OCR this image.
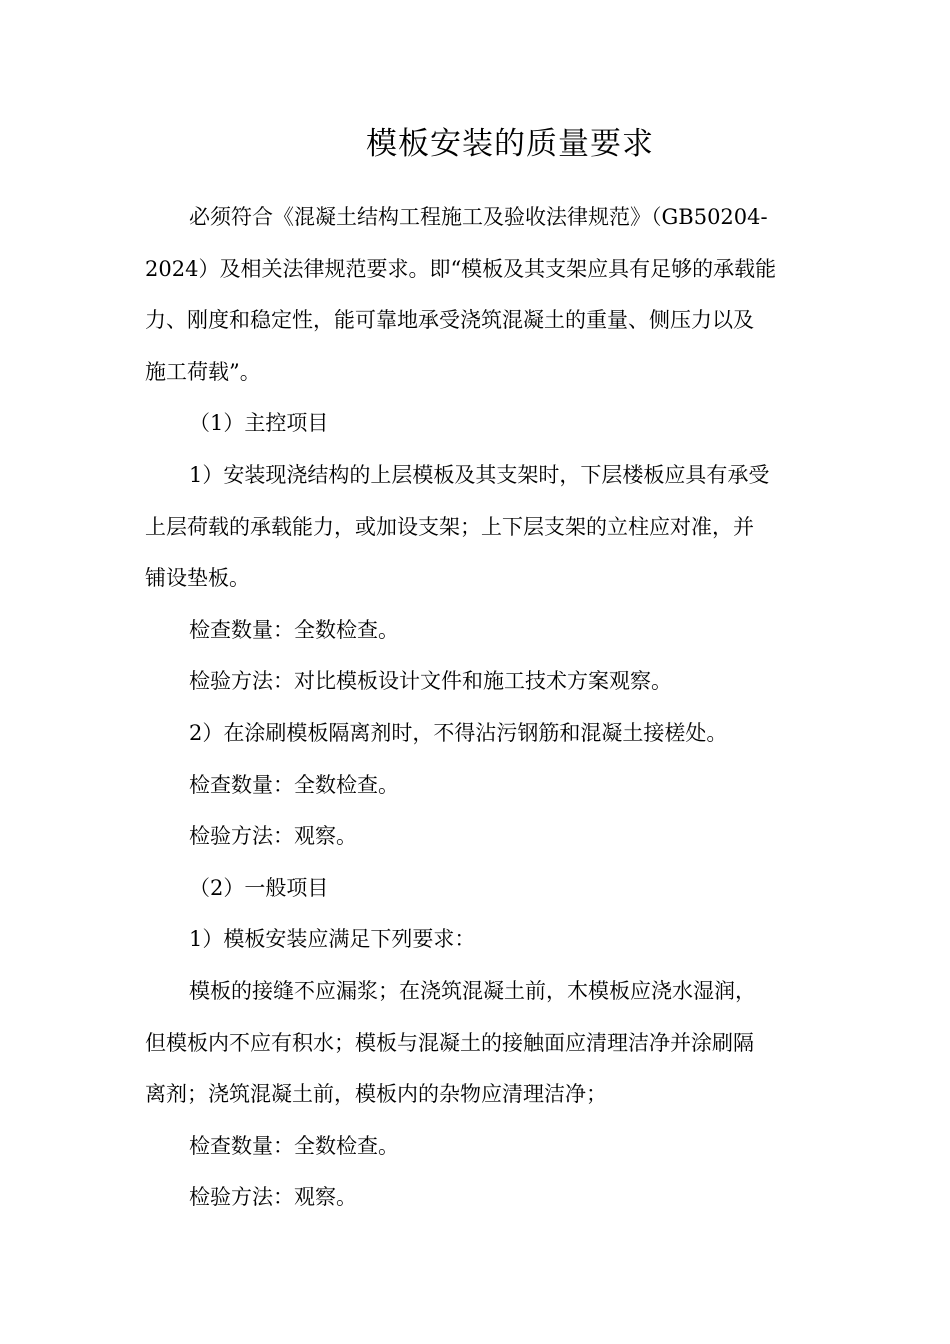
模板安装的质量要求
必须符合《混凝土结构工程施工及验收法律规范》（GB50204-
2024）及相关法律规范要求。即“模板及其支架应具有足够的承载能
力、刚度和稳定性，能可靠地承受浇筑混凝土的重量、侧压力以及
施工荷载”。
（1）主控项目
1）安装现浇结构的上层模板及其支架时，下层楼板应具有承受
上层荷载的承载能力，或加设支架；上下层支架的立柱应对准，并
铺设垫板。
检查数量：全数检查。
检验方法：对比模板设计文件和施工技术方案观察。
2）在涂刷模板隔离剂时，不得沾污钢筋和混凝土接槎处。
检查数量：全数检查。
检验方法：观察。
（2）一般项目
1）模板安装应满足下列要求：
模板的接缝不应漏浆；在浇筑混凝土前，木模板应浇水湿润，
但模板内不应有积水；模板与混凝土的接触面应清理洁净并涂刷隔
离剂；浇筑混凝土前，模板内的杂物应清理洁净；
检查数量：全数检查。
检验方法：观察。
